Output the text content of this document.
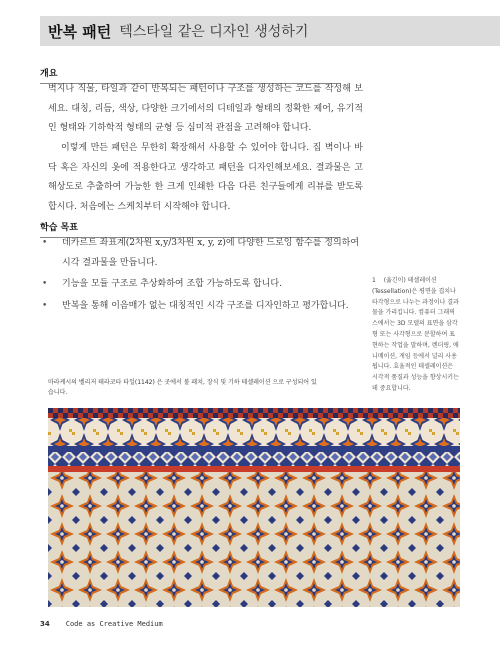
반복 패턴 텍스타일 같은 디자인 생성하기
개요

벽지나 직물, 타일과 같이 반복되는 패턴이나 구조를 생성하는 코드를 작성해 보세요. 대칭, 리듬, 색상, 다양한 크기에서의 디테일과 형태의 정확한 제어, 유기적인 형태와 기하학적 형태의 균형 등 심미적 관점을 고려해야 합니다.

이렇게 만든 패턴은 무한히 확장해서 사용할 수 있어야 합니다. 집 벽이나 바닥 혹은 자신의 옷에 적용한다고 생각하고 패턴을 디자인해보세요. 결과물은 고해상도로 추출하여 가능한 한 크게 인쇄한 다음 다른 친구들에게 리뷰를 받도록 합시다. 처음에는 스케치부터 시작해야 합니다.

학습 목표
• 데카르트 좌표계(2차원 x,y/3차원 x, y, z)에 다양한 드로잉 함수를 정의하여 시각 결과물을 만듭니다.
• 기능을 모듈 구조로 추상화하여 조합 가능하도록 합니다.
• 반복을 통해 이음매가 없는 대칭적인 시각 구조를 디자인하고 평가합니다.

1 (옮긴이) 테셀레이션(Tessellation)은 평면을 겹치나 타각형으로 나누는 과정이나 결과물을 가리킵니다. 컴퓨터 그래픽스에서는 3D 모델의 표면을 삼각형 또는 사각형으로 분할하여 표현하는 작업을 말하며, 렌더링, 애니메이션, 게임 등에서 널리 사용됩니다. 효율적인 테셀레이션은 시각적 품질과 성능을 향상시키는 데 중요합니다.

마라케시의 벨리저 테라코타 타일(1142) 은 곳에서 볼 패치, 장식 및 기하 테셀레이션 으로 구성되어 있습니다.

34 Code as Creative Medium
